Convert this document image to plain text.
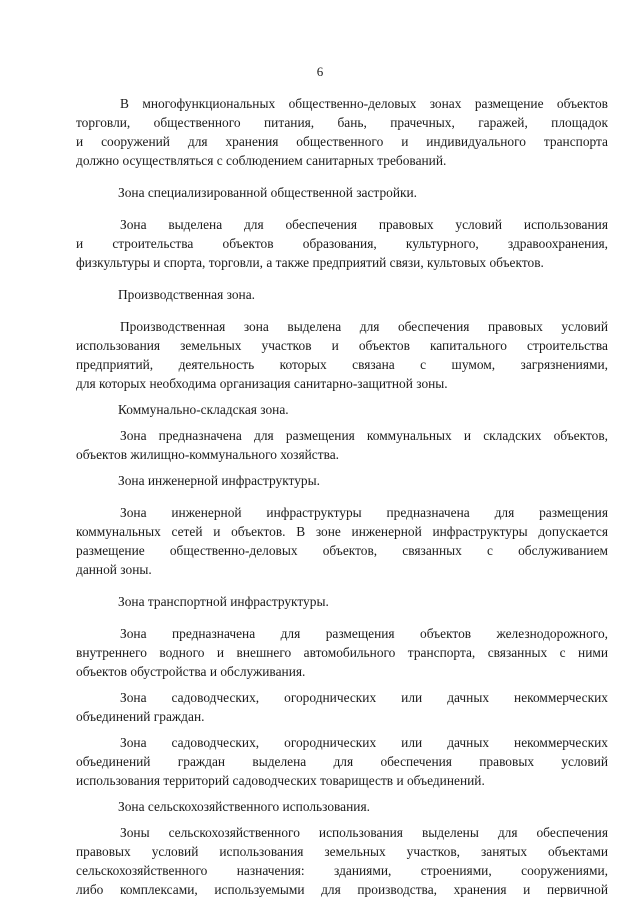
6

В многофункциональных общественно-деловых зонах размещение объектов

торговли, общественного питания, бань, прачечных, гаражей, площадок

и сооружений для хранения общественного и индивидуального транспорта

должно осуществляться с соблюдением санитарных требований.

Зона специализированной общественной застройки.

Зона выделена для обеспечения правовых условий использования

и строительства объектов образования, культурного, здравоохранения,

физкультуры и спорта, торговли, а также предприятий связи, культовых объектов.

Производственная зона.

Производственная зона выделена для обеспечения правовых условий

использования земельных участков и объектов капитального строительства

предприятий, деятельность которых связана с шумом, загрязнениями,

для которых необходима организация санитарно-защитной зоны.

Коммунально-складская зона.

Зона предназначена для размещения коммунальных и складских объектов,

объектов жилищно-коммунального хозяйства.

Зона инженерной инфраструктуры.

Зона инженерной инфраструктуры предназначена для размещения

коммунальных сетей и объектов. В зоне инженерной инфраструктуры допускается

размещение общественно-деловых объектов, связанных с обслуживанием

данной зоны.

Зона транспортной инфраструктуры.

Зона предназначена для размещения объектов железнодорожного,

внутреннего водного и внешнего автомобильного транспорта, связанных с ними

объектов обустройства и обслуживания.

Зона садоводческих, огороднических или дачных некоммерческих

объединений граждан.

Зона садоводческих, огороднических или дачных некоммерческих

объединений граждан выделена для обеспечения правовых условий

использования территорий садоводческих товариществ и объединений.

Зона сельскохозяйственного использования.

Зоны сельскохозяйственного использования выделены для обеспечения

правовых условий использования земельных участков, занятых объектами

сельскохозяйственного назначения: зданиями, строениями, сооружениями,

либо комплексами, используемыми для производства, хранения и первичной
